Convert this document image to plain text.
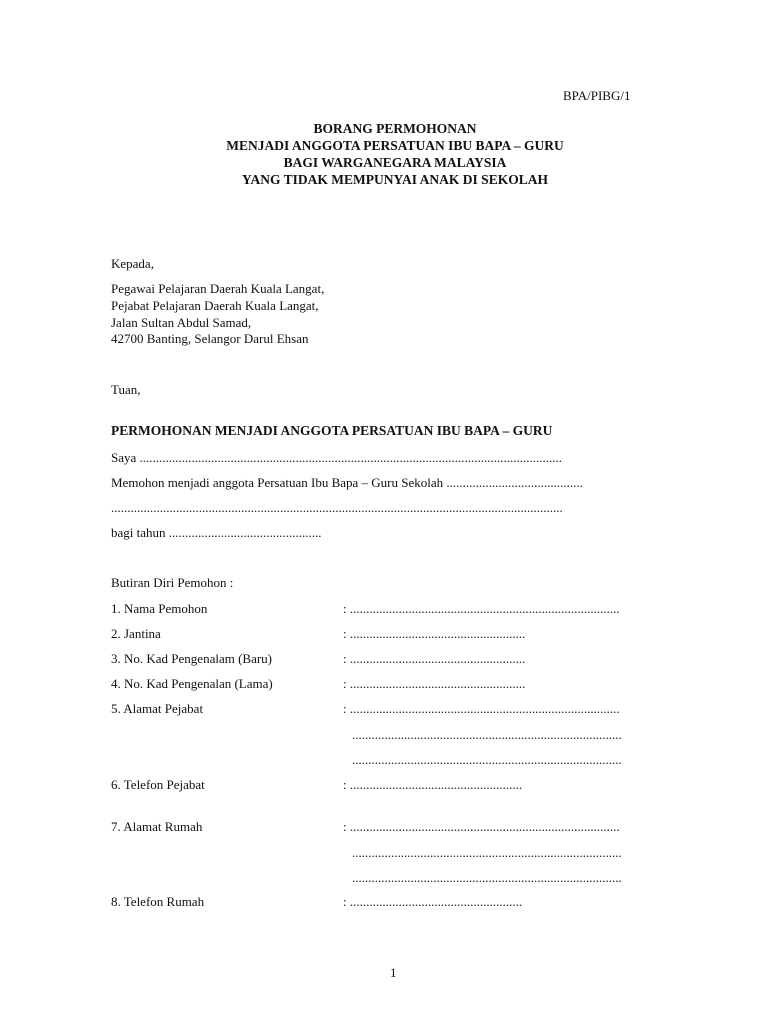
BPA/PIBG/1
BORANG PERMOHONAN
MENJADI ANGGOTA PERSATUAN IBU BAPA – GURU
BAGI WARGANEGARA MALAYSIA
YANG TIDAK MEMPUNYAI ANAK DI SEKOLAH
Kepada,
Pegawai Pelajaran Daerah Kuala Langat,
Pejabat Pelajaran Daerah Kuala Langat,
Jalan Sultan Abdul Samad,
42700 Banting, Selangor Darul Ehsan
Tuan,
PERMOHONAN MENJADI ANGGOTA PERSATUAN IBU BAPA – GURU
Saya ..................................................................................................................................
Memohon menjadi anggota Persatuan Ibu Bapa – Guru Sekolah ..........................................
...........................................................................................................................................
bagi tahun ...............................................
Butiran Diri Pemohon :
1. Nama Pemohon	: ...................................................................................
2. Jantina	: ......................................................
3. No. Kad Pengenalam (Baru)	: ......................................................
4. No. Kad Pengenalan (Lama)	: ......................................................
5. Alamat Pejabat	: ...................................................................................
...................................................................................
...................................................................................
6. Telefon Pejabat	: .....................................................
7. Alamat Rumah	: ...................................................................................
...................................................................................
...................................................................................
8. Telefon Rumah	: .....................................................
1
